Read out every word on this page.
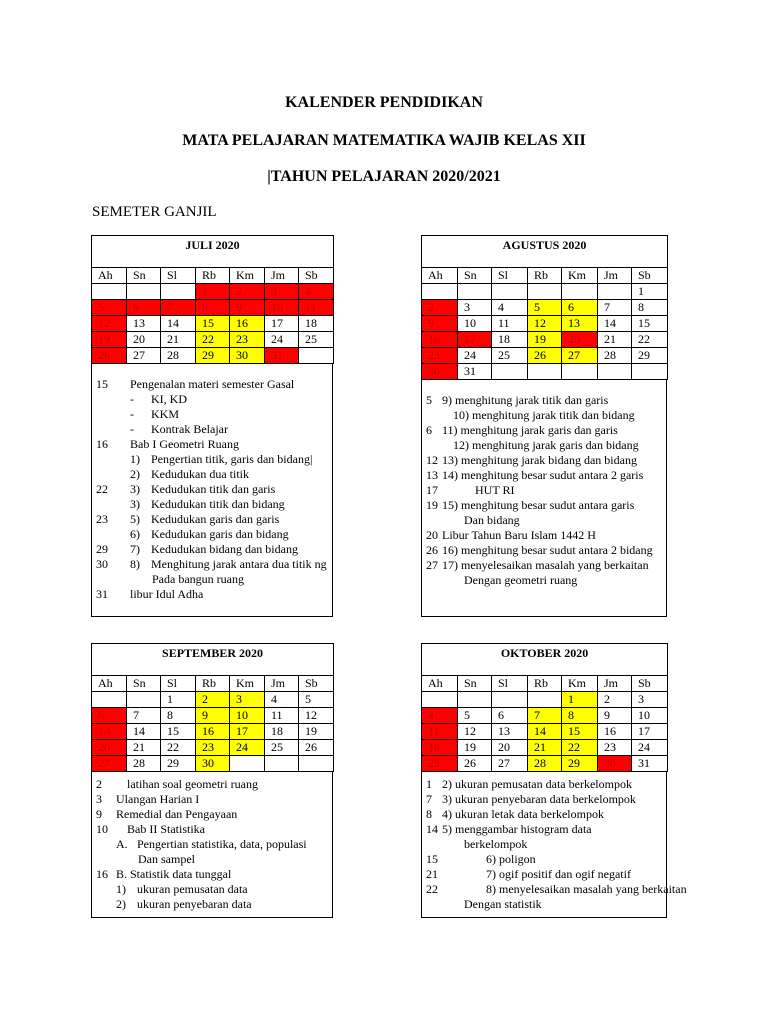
KALENDER PENDIDIKAN
MATA PELAJARAN MATEMATIKA WAJIB KELAS XII
|TAHUN PELAJARAN 2020/2021
SEMETER GANJIL
JULI 2020						
Ah	Sn	Sl	Rb	Km	Jm	Sb
			1	2	3	4
5	6	7	8	9	10	11
12	13	14	15	16	17	18
19	20	21	22	23	24	25
26	27	28	29	30	31	
15 Pengenalan materi semester Gasal
- KI, KD
- KKM
- Kontrak Belajar
16 Bab I Geometri Ruang
1) Pengertian titik, garis dan bidang|
2) Kedudukan dua titik
22 3) Kedudukan titik dan garis
3) Kedudukan titik dan bidang
23 5) Kedudukan garis dan garis
6) Kedudukan garis dan bidang
29 7) Kedudukan bidang dan bidang
30 8) Menghitung jarak antara dua titik ng
Pada bangun ruang
31 libur Idul Adha
AGUSTUS 2020						
Ah	Sn	Sl	Rb	Km	Jm	Sb
						1
2	3	4	5	6	7	8
9	10	11	12	13	14	15
16	17	18	19	20	21	22
23	24	25	26	27	28	29
30	31					
5 9) menghitung jarak titik dan garis
10) menghitung jarak titik dan bidang
6 11) menghitung jarak garis dan garis
12) menghitung jarak garis dan bidang
12 13) menghitung jarak bidang dan bidang
13 14) menghitung besar sudut antara 2 garis
17	HUT RI
19 15) menghitung besar sudut antara garis
Dan bidang
20 Libur Tahun Baru Islam 1442 H
26 16) menghitung besar sudut antara 2 bidang
27 17) menyelesaikan masalah yang berkaitan
Dengan geometri ruang
SEPTEMBER 2020						
Ah	Sn	Sl	Rb	Km	Jm	Sb
		1	2	3	4	5
6	7	8	9	10	11	12
13	14	15	16	17	18	19
20	21	22	23	24	25	26
27	28	29	30			
2 latihan soal geometri ruang
3 Ulangan Harian I
9 Remedial dan Pengayaan
10 Bab II Statistika
A. Pengertian statistika, data, populasi
Dan sampel
16 B. Statistik data tunggal
1) ukuran pemusatan data
2) ukuran penyebaran data
OKTOBER 2020						
Ah	Sn	Sl	Rb	Km	Jm	Sb
				1	2	3
4	5	6	7	8	9	10
11	12	13	14	15	16	17
18	19	20	21	22	23	24
25	26	27	28	29	30	31
1 2) ukuran pemusatan data berkelompok
7 3) ukuran penyebaran data berkelompok
8 4) ukuran letak data berkelompok
14 5) menggambar histogram data
berkelompok
15	6) poligon
21	7) ogif positif dan ogif negatif
22	8) menyelesaikan masalah yang berkaitan
Dengan statistik
